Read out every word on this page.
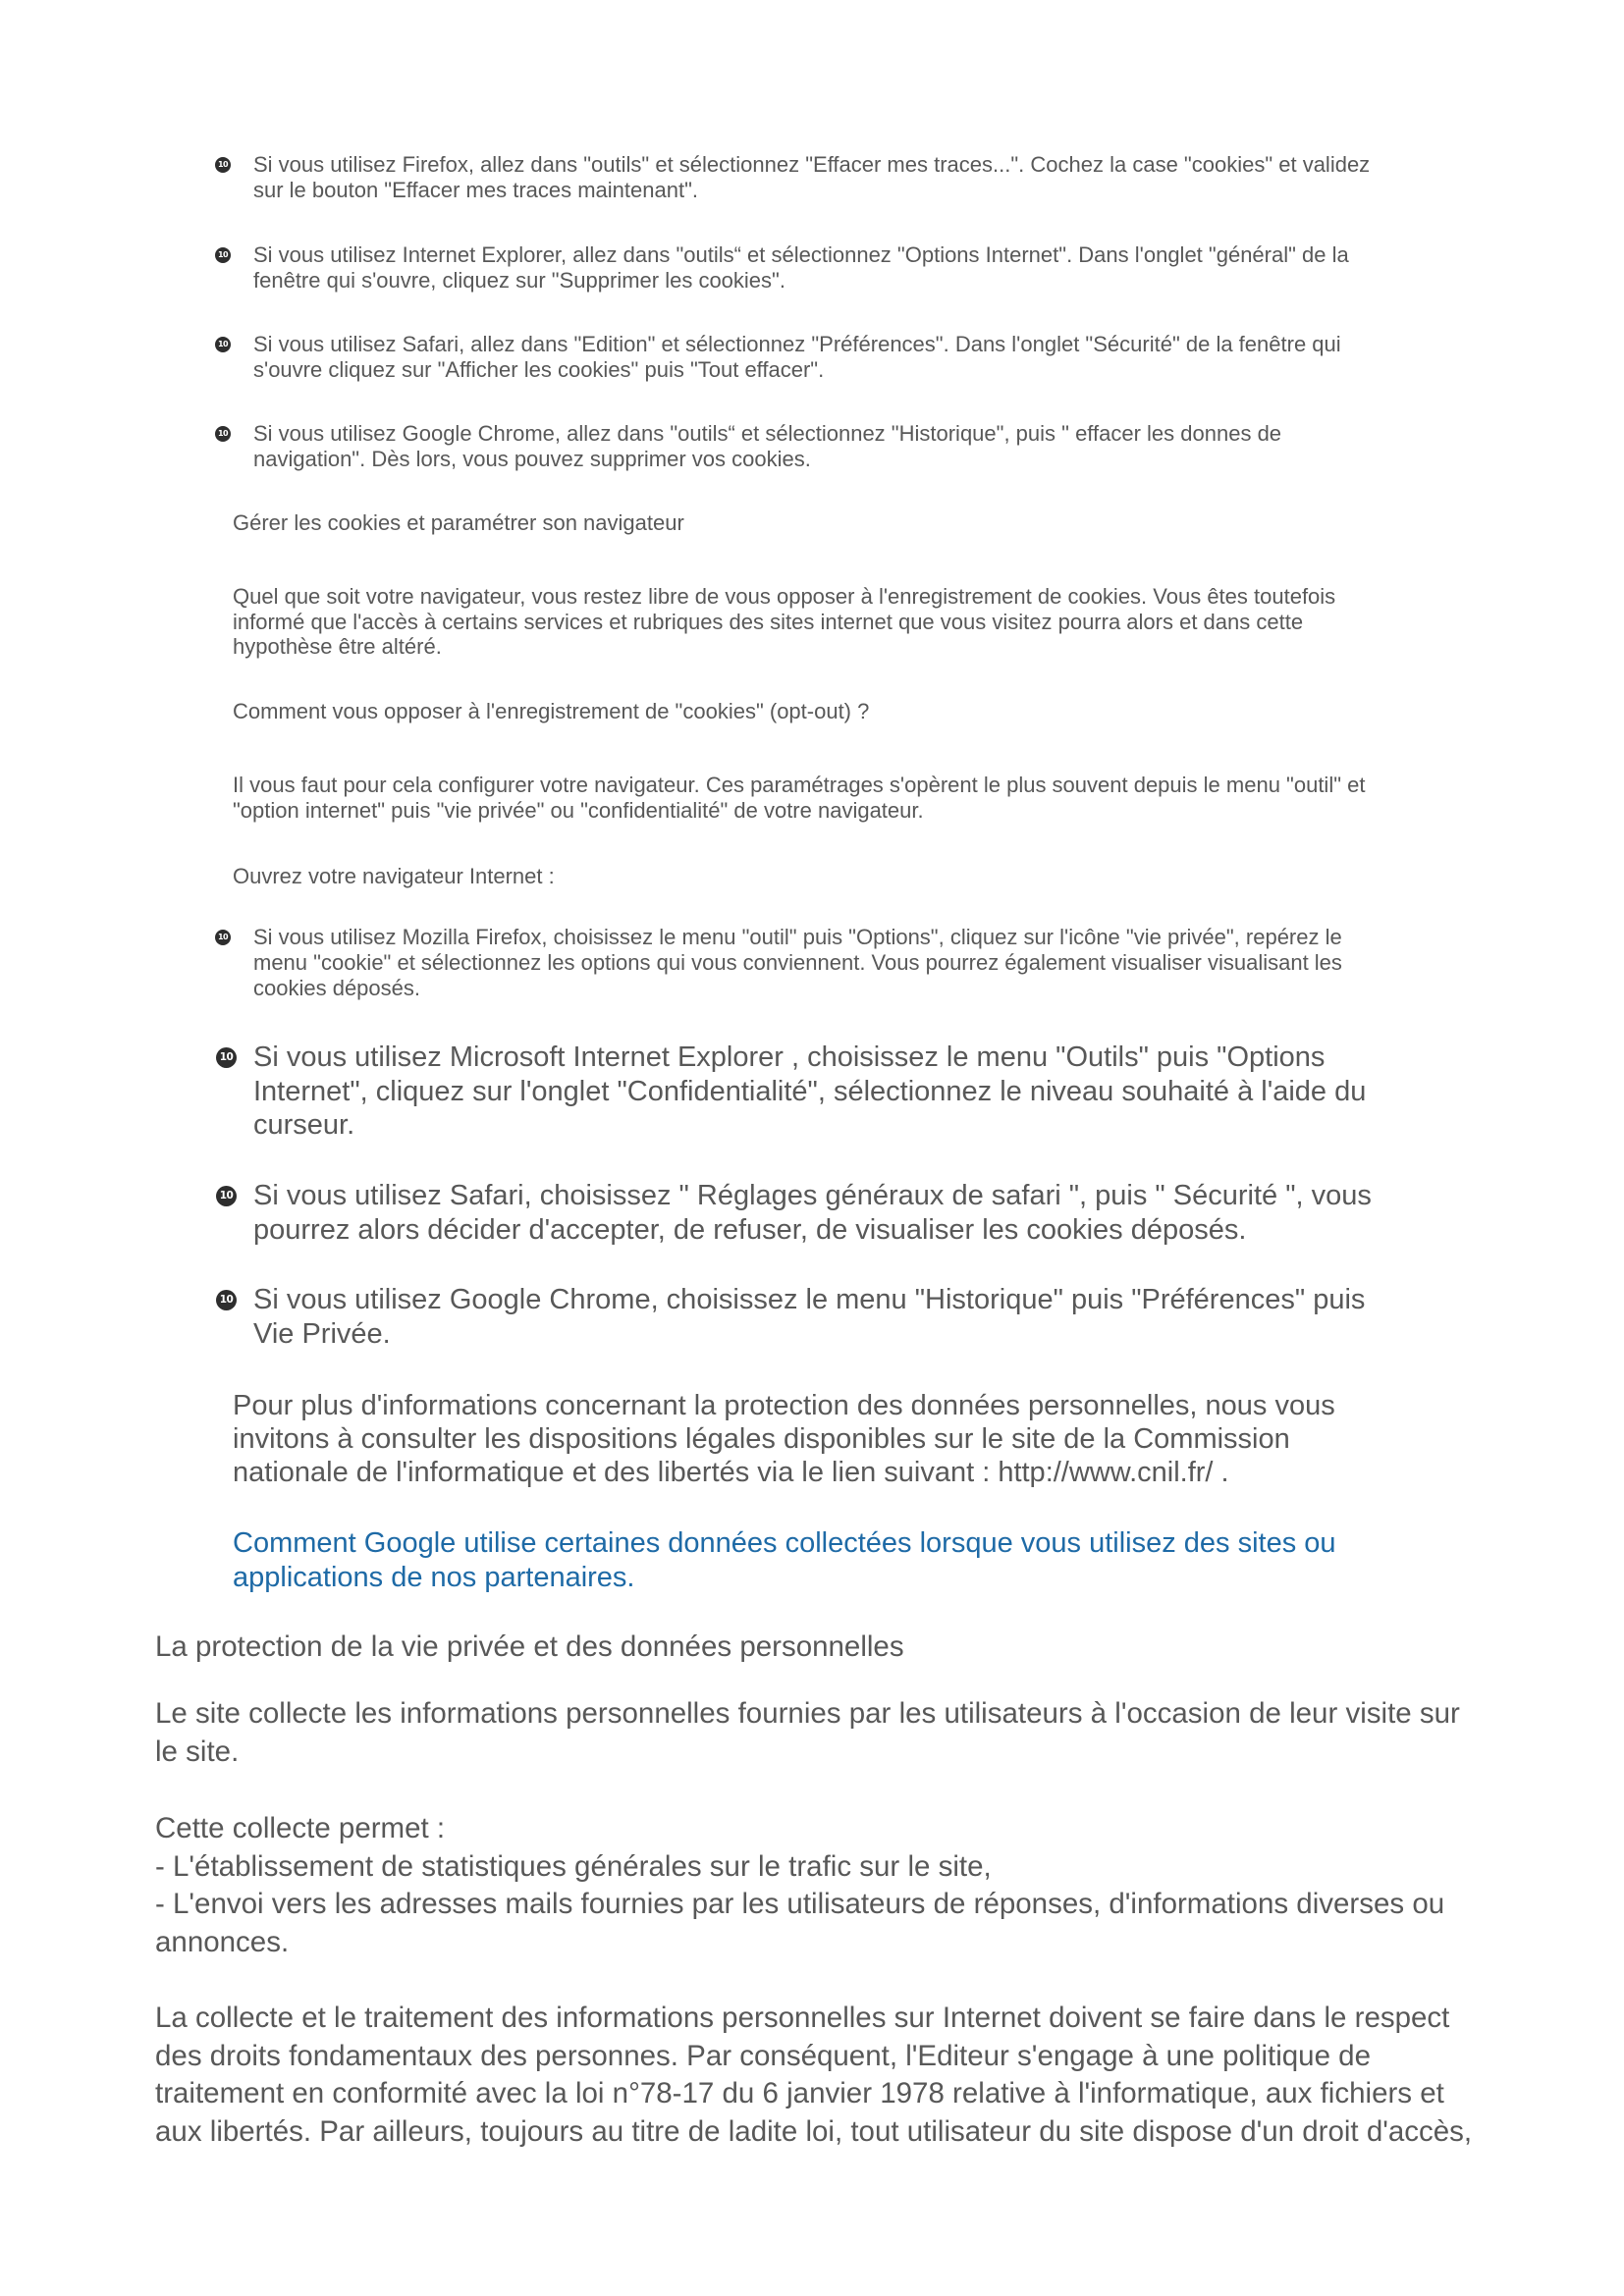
10
Si vous utilisez Firefox, allez dans "outils" et sélectionnez "Effacer mes traces...". Cochez la case "cookies" et validez
sur le bouton "Effacer mes traces maintenant".
10
Si vous utilisez Internet Explorer, allez dans "outils“ et sélectionnez "Options Internet". Dans l'onglet "général" de la
fenêtre qui s'ouvre, cliquez sur "Supprimer les cookies".
10
Si vous utilisez Safari, allez dans "Edition" et sélectionnez "Préférences". Dans l'onglet "Sécurité" de la fenêtre qui
s'ouvre cliquez sur "Afficher les cookies" puis "Tout effacer".
10
Si vous utilisez Google Chrome, allez dans "outils“ et sélectionnez "Historique", puis " effacer les donnes de
navigation". Dès lors, vous pouvez supprimer vos cookies.
Gérer les cookies et paramétrer son navigateur
Quel que soit votre navigateur, vous restez libre de vous opposer à l'enregistrement de cookies. Vous êtes toutefois
informé que l'accès à certains services et rubriques des sites internet que vous visitez pourra alors et dans cette
hypothèse être altéré.
Comment vous opposer à l'enregistrement de "cookies" (opt-out) ?
Il vous faut pour cela configurer votre navigateur. Ces paramétrages s'opèrent le plus souvent depuis le menu "outil" et
"option internet" puis "vie privée" ou "confidentialité" de votre navigateur.
Ouvrez votre navigateur Internet :
10
Si vous utilisez Mozilla Firefox, choisissez le menu "outil" puis "Options", cliquez sur l'icône "vie privée", repérez le
menu "cookie" et sélectionnez les options qui vous conviennent. Vous pourrez également visualiser visualisant les
cookies déposés.
10
Si vous utilisez Microsoft Internet Explorer , choisissez le menu "Outils" puis "Options
Internet", cliquez sur l'onglet "Confidentialité", sélectionnez le niveau souhaité à l'aide du
curseur.
10
Si vous utilisez Safari, choisissez " Réglages généraux de safari ", puis " Sécurité ", vous
pourrez alors décider d'accepter, de refuser, de visualiser les cookies déposés.
10
Si vous utilisez Google Chrome, choisissez le menu "Historique" puis "Préférences" puis
Vie Privée.
Pour plus d'informations concernant la protection des données personnelles, nous vous
invitons à consulter les dispositions légales disponibles sur le site de la Commission
nationale de l'informatique et des libertés via le lien suivant : http://www.cnil.fr/ .
Comment Google utilise certaines données collectées lorsque vous utilisez des sites ou
applications de nos partenaires.
La protection de la vie privée et des données personnelles
Le site collecte les informations personnelles fournies par les utilisateurs à l'occasion de leur visite sur
le site.
Cette collecte permet :
- L'établissement de statistiques générales sur le trafic sur le site,
- L'envoi vers les adresses mails fournies par les utilisateurs de réponses, d'informations diverses ou
annonces.
La collecte et le traitement des informations personnelles sur Internet doivent se faire dans le respect
des droits fondamentaux des personnes. Par conséquent, l'Editeur s'engage à une politique de
traitement en conformité avec la loi n°78-17 du 6 janvier 1978 relative à l'informatique, aux fichiers et
aux libertés. Par ailleurs, toujours au titre de ladite loi, tout utilisateur du site dispose d'un droit d'accès,
